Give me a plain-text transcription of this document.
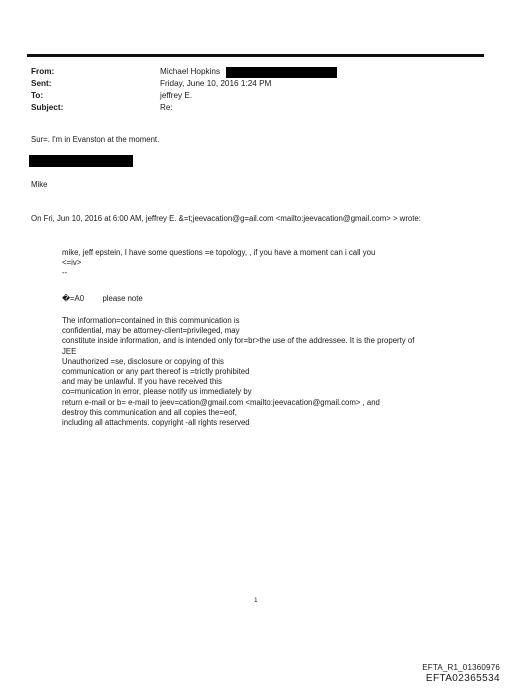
From:	Michael Hopkins
Sent:	Friday, June 10, 2016 1:24 PM
To:	jeffrey E.
Subject:	Re:
Sur=. I'm in Evanston at the moment.
Mike
On Fri, Jun 10, 2016 at 6:00 AM, jeffrey E. &=t;jeevacation@g=ail.com <mailto:jeevacation@gmail.com> > wrote:
mike, jeff epstein, I have some questions =e topology, , if you have a moment can i call you
<=iv>
--
�=A0 please note
The information=contained in this communication is
confidential, may be attorney-client=privileged, may
constitute inside information, and is intended only for=br>the use of the addressee. It is the property of
JEE
Unauthorized =se, disclosure or copying of this
communication or any part thereof is =trictly prohibited
and may be unlawful. If you have received this
co=munication in error, please notify us immediately by
return e-mail or b= e-mail to jeev=cation@gmail.com <mailto:jeevacation@gmail.com> , and
destroy this communication and all copies the=eof,
including all attachments. copyright -all rights reserved
1
EFTA_R1_01360976
EFTA02365534
